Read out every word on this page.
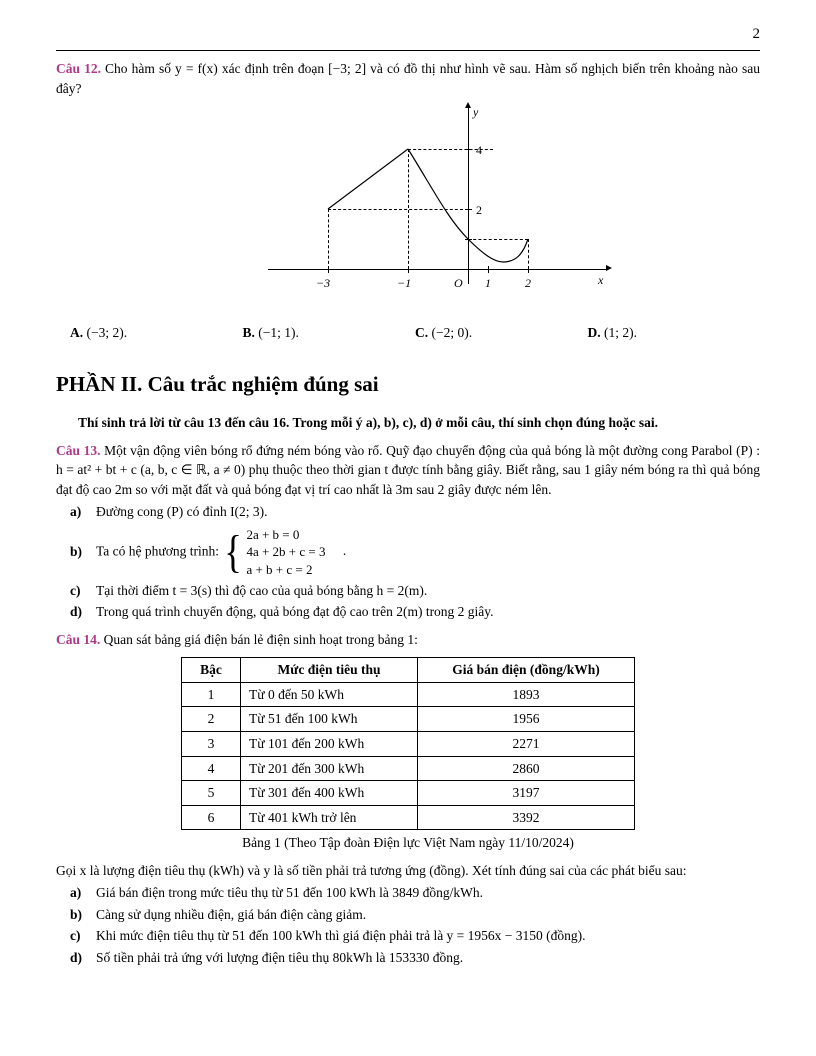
2

Câu 12. Cho hàm số y = f(x) xác định trên đoạn [−3; 2] và có đồ thị như hình vẽ sau. Hàm số nghịch biến trên khoảng nào sau đây?

x
y
−3	−1	O 1	2
2
4
A. (−3; 2).	B. (−1; 1).	C. (−2; 0).	D. (1; 2).
PHẦN II. Câu trắc nghiệm đúng sai

Thí sinh trả lời từ câu 13 đến câu 16. Trong mỗi ý a), b), c), d) ở mỗi câu, thí sinh chọn đúng hoặc sai.

Câu 13. Một vận động viên bóng rổ đứng ném bóng vào rổ. Quỹ đạo chuyển động của quả bóng là một đường cong Parabol (P) : h = at² + bt + c (a, b, c ∈ ℝ, a ≠ 0) phụ thuộc theo thời gian t được tính bằng giây. Biết rằng, sau 1 giây ném bóng ra thì quả bóng đạt độ cao 2m so với mặt đất và quả bóng đạt vị trí cao nhất là 3m sau 2 giây được ném lên.

a)	Đường cong (P) có đỉnh I(2; 3).
b)	Ta có hệ phương trình: { 2a + b = 0
4a + 2b + c = 3
a + b + c = 2
.
c)	Tại thời điểm t = 3(s) thì độ cao của quả bóng bằng h = 2(m).
d)	Trong quá trình chuyển động, quả bóng đạt độ cao trên 2(m) trong 2 giây.

Câu 14. Quan sát bảng giá điện bán lẻ điện sinh hoạt trong bảng 1:

Bậc	Mức điện tiêu thụ	Giá bán điện (đồng/kWh)
1	Từ 0 đến 50 kWh	1893
2	Từ 51 đến 100 kWh	1956
3	Từ 101 đến 200 kWh	2271
4	Từ 201 đến 300 kWh	2860
5	Từ 301 đến 400 kWh	3197
6	Từ 401 kWh trở lên	3392
Bảng 1 (Theo Tập đoàn Điện lực Việt Nam ngày 11/10/2024)

Gọi x là lượng điện tiêu thụ (kWh) và y là số tiền phải trả tương ứng (đồng). Xét tính đúng sai của các phát biểu sau:

a)	Giá bán điện trong mức tiêu thụ từ 51 đến 100 kWh là 3849 đồng/kWh.
b)	Càng sử dụng nhiều điện, giá bán điện càng giảm.
c)	Khi mức điện tiêu thụ từ 51 đến 100 kWh thì giá điện phải trả là y = 1956x − 3150 (đồng).
d)	Số tiền phải trả ứng với lượng điện tiêu thụ 80kWh là 153330 đồng.
